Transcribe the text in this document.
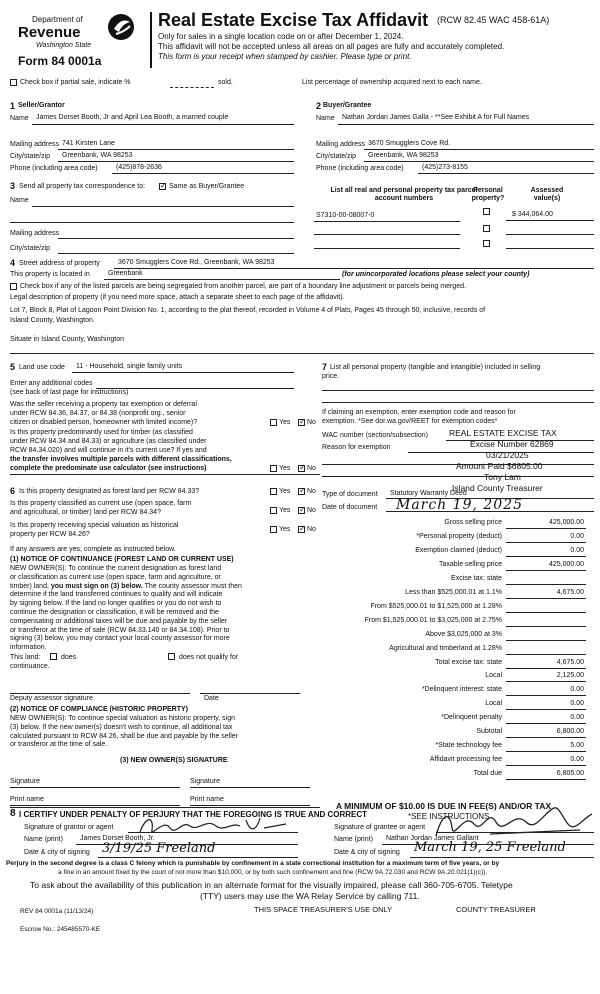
Department of
Revenue
Washington State
Form 84 0001a
Real Estate Excise Tax Affidavit (RCW 82.45 WAC 458-61A)
Only for sales in a single location code on or after December 1, 2024.
This affidavit will not be accepted unless all areas on all pages are fully and accurately completed.
This form is your receipt when stamped by cashier. Please type or print.
Check box if partial sale, indicate %	sold.	List percentage of ownership acquired next to each name.
1 Seller/Grantor
Name James Dorset Booth, Jr and April Lea Booth, a married couple
Mailing address 741 Kirsten Lane
City/state/zip Greenbank, WA 98253
Phone (including area code)	(425)878-2636
2 Buyer/Grantee
Name Nathan Jordan James Galla - **See Exhibit A for Full Names
Mailing address 3670 Smugglers Cove Rd.
City/state/zip Greenbank, WA 98253
Phone (including area code)	(425)273-8155
3 Send all property tax correspondence to: ✓	Same as Buyer/Grantee
Name
Mailing address
City/state/zip
List all real and personal property tax parcel account numbers
Personal property?
Assessed value(s)
S7310-00-08007-0	$ 344,064.00
4 Street address of property	3670 Smugglers Cove Rd., Greenbank, WA 98253
This property is located in	Greenbank	(for unincorporated locations please select your county)
Check box if any of the listed parcels are being segregated from another parcel, are part of a boundary line adjustment or parcels being merged.
Legal description of property (if you need more space, attach a separate sheet to each page of the affidavit).
Lot 7, Block 8, Plat of Lagoon Point Division No. 1, according to the plat thereof, recorded in Volume 4 of Plats, Pages 45 through 50, inclusive, records of
Island County, Washington.
Situate in Island County, Washington
5 Land use code 11 - Household, single family units
Enter any additional codes
(see back of last page for instructions)
Was the seller receiving a property tax exemption or deferral
under RCW 84.36, 84.37, or 84.38 (nonprofit org., senior
citizen or disabled person, homeowner with limited income)?	Yes ✓ No
Is this property predominantly used for timber (as classified
under RCW 84.34 and 84.33) or agriculture (as classified under
RCW 84.34.020) and will continue in it's current use? If yes and
the transfer involves multiple parcels with different classifications,
complete the predominate use calculator (see instructions)	Yes ✓ No
6 Is this property designated as forest land per RCW 84.33?	Yes ✓ No
Is this property classified as current use (open space, farm
and agricultural, or timber) land per RCW 84.34?	Yes ✓ No
Is this property receiving special valuation as historical
property per RCW 84.26?
Yes ✓ No
If any answers are yes, complete as instructed below.
(1) NOTICE OF CONTINUANCE (FOREST LAND OR CURRENT USE)
NEW OWNER(S): To continue the current designation as forest land
or classification as current use (open space, farm and agriculture, or
timber) land, you must sign on (3) below. The county assessor must then
determine if the land transferred continues to qualify and will indicate
by signing below. If the land no longer qualifies or you do not wish to
continue the designation or classification, it will be removed and the
compensating or additional taxes will be due and payable by the seller
or transferor at the time of sale (RCW 84.33.140 or 84.34.108). Prior to
signing (3) below, you may contact your local county assessor for more
information.
This land:	does	does not qualify for
continuance.
Deputy assessor signature	Date
(2) NOTICE OF COMPLIANCE (HISTORIC PROPERTY)
NEW OWNER(S): To continue special valuation as historic property, sign
(3) below. If the new owner(s) doesn't wish to continue, all additional tax
calculated pursuant to RCW 84.26, shall be due and payable by the seller
or transferor at the time of sale.
(3) NEW OWNER(S) SIGNATURE
Signature	Signature
Print name	Print name
7 List all personal property (tangible and intangible) included in selling
price.
If claiming an exemption, enter exemption code and reason for
exemption. *See dor.wa.gov/REET for exemption codes*
WAC number (section/subsection)
Reason for exemption
REAL ESTATE EXCISE TAX
Excise Number 62869
03/21/2025
Amount Paid $6805.00
Tony Lam
Island County Treasurer
Type of document Statutory Warranty Deed
Date of document March 19, 2025
Gross selling price	425,000.00
*Personal property (deduct)	0.00
Exemption claimed (deduct)	0.00
Taxable selling price	425,000.00
Excise tax: state
Less than $525,000.01 at 1.1%	4,675.00
From $525,000.01 to $1,525,000 at 1.28%
From $1,525,000.01 to $3,025,000 at 2.75%
Above $3,025,000 at 3%
Agricultural and timberland at 1.28%
Total excise tax: state	4,675.00
Local	2,125.00
*Delinquent interest: state	0.00
Local	0.00
*Delinquent penalty	0.00
Subtotal	6,800.00
*State technology fee	5.00
Affidavit processing fee	0.00
Total due	6,805.00
A MINIMUM OF $10.00 IS DUE IN FEE(S) AND/OR TAX
*SEE INSTRUCTIONS
8 I CERTIFY UNDER PENALTY OF PERJURY THAT THE FOREGOING IS TRUE AND CORRECT
Signature of grantor or agent
Name (print) James Dorset Booth, Jr.
Date & city of signing 3/19/25 Freeland
Signature of grantee or agent
Name (print) Nathan Jordan James Gallant
Date & city of signing March 19, 25 Freeland
Perjury in the second degree is a class C felony which is punishable by confinement in a state correctional institution for a maximum term of five years, or by
a fine in an amount fixed by the court of not more than $10,000, or by both such confinement and fine (RCW 9A.72.030 and RCW 9A.20.021(1)(c)).
To ask about the availability of this publication in an alternate format for the visually impaired, please call 360-705-6705. Teletype
(TTY) users may use the WA Relay Service by calling 711.
REV 84 0001a (11/13/24)	THIS SPACE TREASURER'S USE ONLY	COUNTY TREASURER
Escrow No.: 245485570-KE
